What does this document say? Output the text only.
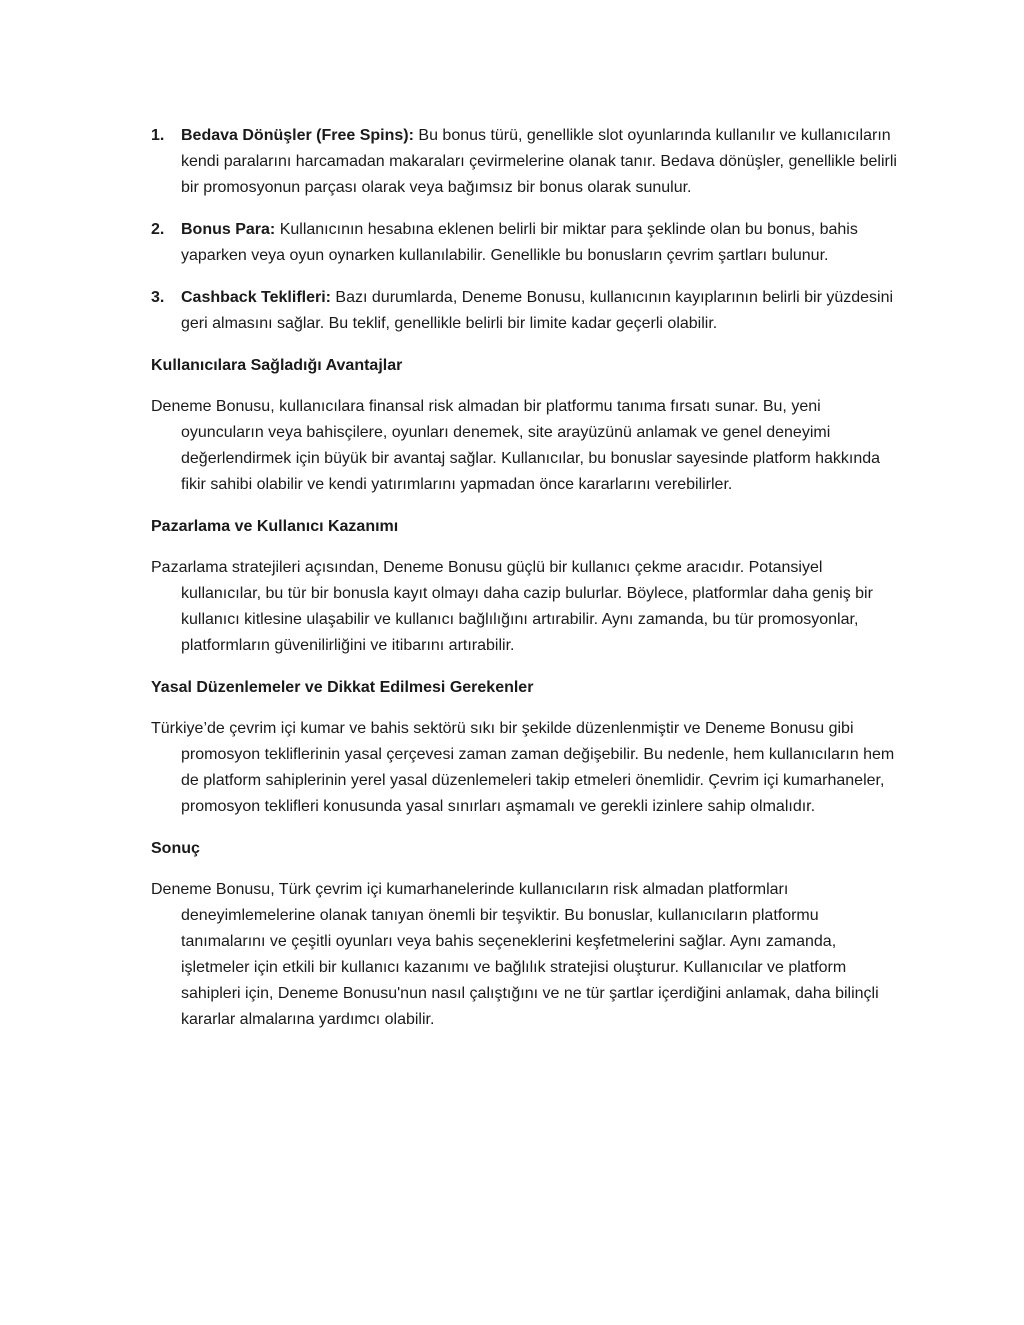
1. Bedava Dönüşler (Free Spins): Bu bonus türü, genellikle slot oyunlarında kullanılır ve kullanıcıların kendi paralarını harcamadan makaraları çevirmelerine olanak tanır. Bedava dönüşler, genellikle belirli bir promosyonun parçası olarak veya bağımsız bir bonus olarak sunulur.
2. Bonus Para: Kullanıcının hesabına eklenen belirli bir miktar para şeklinde olan bu bonus, bahis yaparken veya oyun oynarken kullanılabilir. Genellikle bu bonusların çevrim şartları bulunur.
3. Cashback Teklifleri: Bazı durumlarda, Deneme Bonusu, kullanıcının kayıplarının belirli bir yüzdesini geri almasını sağlar. Bu teklif, genellikle belirli bir limite kadar geçerli olabilir.

Kullanıcılara Sağladığı Avantajlar

Deneme Bonusu, kullanıcılara finansal risk almadan bir platformu tanıma fırsatı sunar. Bu, yeni oyuncuların veya bahisçilere, oyunları denemek, site arayüzünü anlamak ve genel deneyimi değerlendirmek için büyük bir avantaj sağlar. Kullanıcılar, bu bonuslar sayesinde platform hakkında fikir sahibi olabilir ve kendi yatırımlarını yapmadan önce kararlarını verebilirler.

Pazarlama ve Kullanıcı Kazanımı

Pazarlama stratejileri açısından, Deneme Bonusu güçlü bir kullanıcı çekme aracıdır. Potansiyel kullanıcılar, bu tür bir bonusla kayıt olmayı daha cazip bulurlar. Böylece, platformlar daha geniş bir kullanıcı kitlesine ulaşabilir ve kullanıcı bağlılığını artırabilir. Aynı zamanda, bu tür promosyonlar, platformların güvenilirliğini ve itibarını artırabilir.

Yasal Düzenlemeler ve Dikkat Edilmesi Gerekenler

Türkiye’de çevrim içi kumar ve bahis sektörü sıkı bir şekilde düzenlenmiştir ve Deneme Bonusu gibi promosyon tekliflerinin yasal çerçevesi zaman zaman değişebilir. Bu nedenle, hem kullanıcıların hem de platform sahiplerinin yerel yasal düzenlemeleri takip etmeleri önemlidir. Çevrim içi kumarhaneler, promosyon teklifleri konusunda yasal sınırları aşmamalı ve gerekli izinlere sahip olmalıdır.

Sonuç

Deneme Bonusu, Türk çevrim içi kumarhanelerinde kullanıcıların risk almadan platformları deneyimlemelerine olanak tanıyan önemli bir teşviktir. Bu bonuslar, kullanıcıların platformu tanımalarını ve çeşitli oyunları veya bahis seçeneklerini keşfetmelerini sağlar. Aynı zamanda, işletmeler için etkili bir kullanıcı kazanımı ve bağlılık stratejisi oluşturur. Kullanıcılar ve platform sahipleri için, Deneme Bonusu'nun nasıl çalıştığını ve ne tür şartlar içerdiğini anlamak, daha bilinçli kararlar almalarına yardımcı olabilir.
